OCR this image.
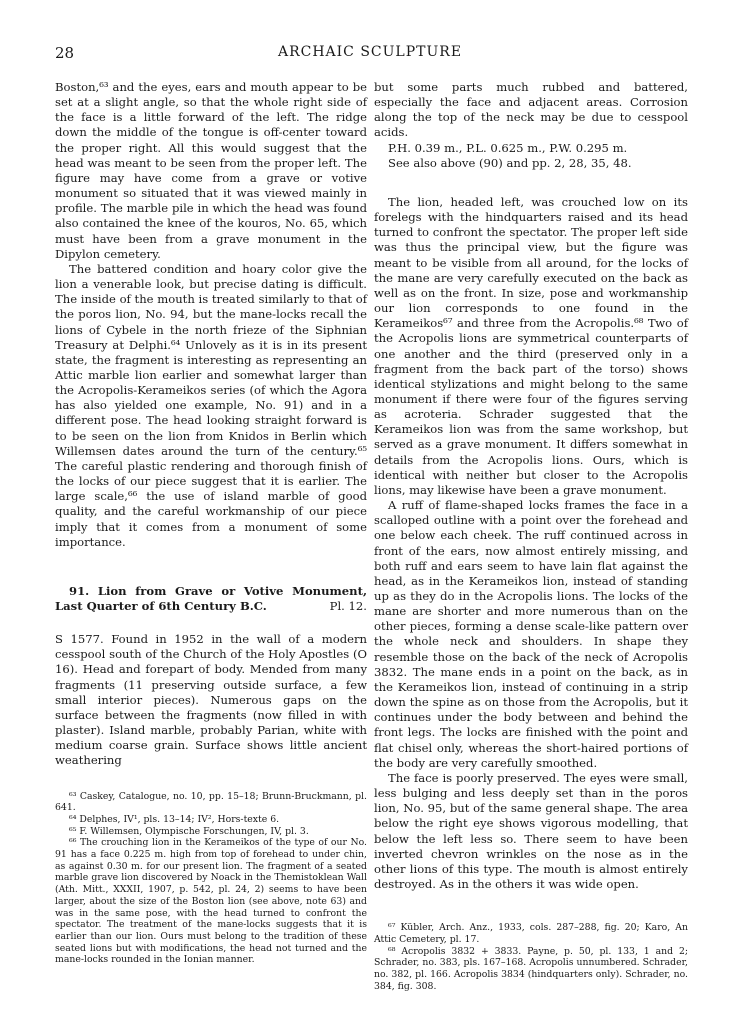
28	ARCHAIC SCULPTURE

Boston,⁶³ and the eyes, ears and mouth appear to be set at a slight angle, so that the whole right side of the face is a little forward of the left. The ridge down the middle of the tongue is off-center toward the proper right. All this would suggest that the head was meant to be seen from the proper left. The figure may have come from a grave or votive monument so situated that it was viewed mainly in profile. The marble pile in which the head was found also contained the knee of the kouros, No. 65, which must have been from a grave monument in the Dipylon cemetery.

The battered condition and hoary color give the lion a venerable look, but precise dating is difficult. The inside of the mouth is treated similarly to that of the poros lion, No. 94, but the mane-locks recall the lions of Cybele in the north frieze of the Siphnian Treasury at Delphi.⁶⁴ Unlovely as it is in its present state, the fragment is interesting as representing an Attic marble lion earlier and somewhat larger than the Acropolis-Kerameikos series (of which the Agora has also yielded one example, No. 91) and in a different pose. The head looking straight forward is to be seen on the lion from Knidos in Berlin which Willemsen dates around the turn of the century.⁶⁵ The careful plastic rendering and thorough finish of the locks of our piece suggest that it is earlier. The large scale,⁶⁶ the use of island marble of good quality, and the careful workmanship of our piece imply that it comes from a monument of some importance.

91. Lion from Grave or Votive Monument, Last Quarter of 6th Century B.C.	Pl. 12.

S 1577. Found in 1952 in the wall of a modern cesspool south of the Church of the Holy Apostles (O 16). Head and forepart of body. Mended from many fragments (11 preserving outside surface, a few small interior pieces). Numerous gaps on the surface between the fragments (now filled in with plaster). Island marble, probably Parian, white with medium coarse grain. Surface shows little ancient weathering

⁶³ Caskey, Catalogue, no. 10, pp. 15–18; Brunn-Bruckmann, pl. 641.

⁶⁴ Delphes, IV¹, pls. 13–14; IV², Hors-texte 6.

⁶⁵ F. Willemsen, Olympische Forschungen, IV, pl. 3.

⁶⁶ The crouching lion in the Kerameikos of the type of our No. 91 has a face 0.225 m. high from top of forehead to under chin, as against 0.30 m. for our present lion. The fragment of a seated marble grave lion discovered by Noack in the Themistoklean Wall (Ath. Mitt., XXXII, 1907, p. 542, pl. 24, 2) seems to have been larger, about the size of the Boston lion (see above, note 63) and was in the same pose, with the head turned to confront the spectator. The treatment of the mane-locks suggests that it is earlier than our lion. Ours must belong to the tradition of these seated lions but with modifications, the head not turned and the mane-locks rounded in the Ionian manner.

but some parts much rubbed and battered, especially the face and adjacent areas. Corrosion along the top of the neck may be due to cesspool acids.

P.H. 0.39 m., P.L. 0.625 m., P.W. 0.295 m.

See also above (90) and pp. 2, 28, 35, 48.

The lion, headed left, was crouched low on its forelegs with the hindquarters raised and its head turned to confront the spectator. The proper left side was thus the principal view, but the figure was meant to be visible from all around, for the locks of the mane are very carefully executed on the back as well as on the front. In size, pose and workmanship our lion corresponds to one found in the Kerameikos⁶⁷ and three from the Acropolis.⁶⁸ Two of the Acropolis lions are symmetrical counterparts of one another and the third (preserved only in a fragment from the back part of the torso) shows identical stylizations and might belong to the same monument if there were four of the figures serving as acroteria. Schrader suggested that the Kerameikos lion was from the same workshop, but served as a grave monument. It differs somewhat in details from the Acropolis lions. Ours, which is identical with neither but closer to the Acropolis lions, may likewise have been a grave monument.

A ruff of flame-shaped locks frames the face in a scalloped outline with a point over the forehead and one below each cheek. The ruff continued across in front of the ears, now almost entirely missing, and both ruff and ears seem to have lain flat against the head, as in the Kerameikos lion, instead of standing up as they do in the Acropolis lions. The locks of the mane are shorter and more numerous than on the other pieces, forming a dense scale-like pattern over the whole neck and shoulders. In shape they resemble those on the back of the neck of Acropolis 3832. The mane ends in a point on the back, as in the Kerameikos lion, instead of continuing in a strip down the spine as on those from the Acropolis, but it continues under the body between and behind the front legs. The locks are finished with the point and flat chisel only, whereas the short-haired portions of the body are very carefully smoothed.

The face is poorly preserved. The eyes were small, less bulging and less deeply set than in the poros lion, No. 95, but of the same general shape. The area below the right eye shows vigorous modelling, that below the left less so. There seem to have been inverted chevron wrinkles on the nose as in the other lions of this type. The mouth is almost entirely destroyed. As in the others it was wide open.

⁶⁷ Kübler, Arch. Anz., 1933, cols. 287–288, fig. 20; Karo, An Attic Cemetery, pl. 17.

⁶⁸ Acropolis 3832 + 3833. Payne, p. 50, pl. 133, 1 and 2; Schrader, no. 383, pls. 167–168. Acropolis unnumbered. Schrader, no. 382, pl. 166. Acropolis 3834 (hindquarters only). Schrader, no. 384, fig. 308.
